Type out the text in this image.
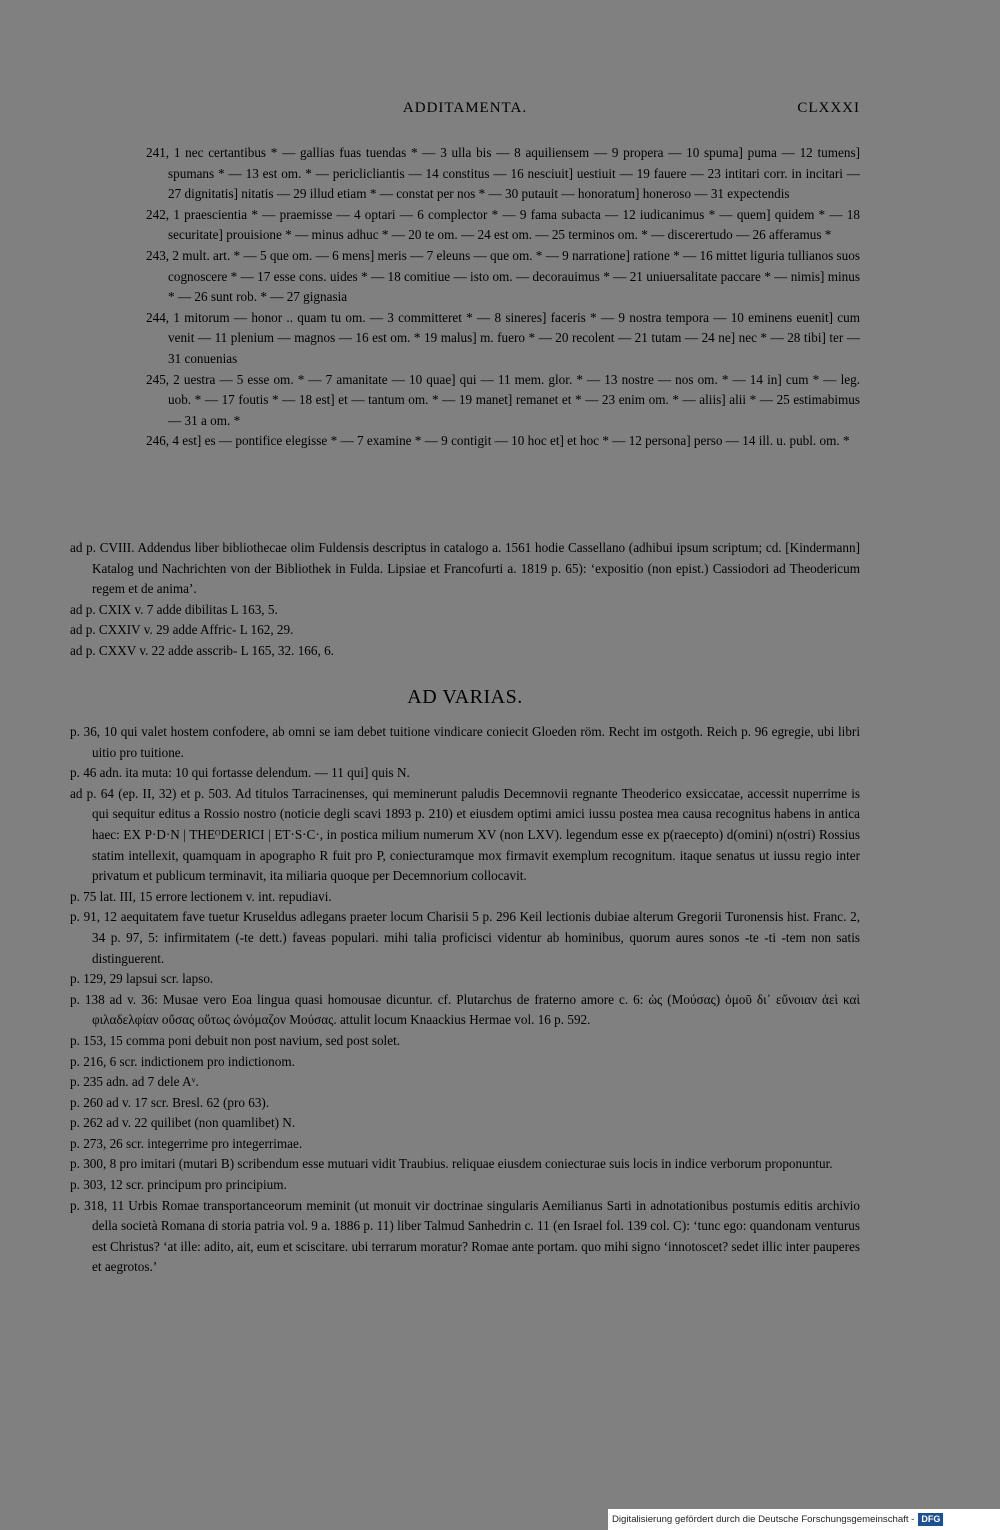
ADDITAMENTA.	CLXXXI

241, 1 nec certantibus * — gallias fuas tuendas * — 3 ulla bis — 8 aquiliensem — 9 propera — 10 spuma] puma — 12 tumens] spumans * — 13 est om. * — periclicliantis — 14 constitus — 16 nesciuit] uestiuit — 19 fauere — 23 intitari corr. in incitari — 27 dignitatis] nitatis — 29 illud etiam * — constat per nos * — 30 putauit — honoratum] honeroso — 31 expectendis

242, 1 praescientia * — praemisse — 4 optari — 6 complector * — 9 fama subacta — 12 iudicanimus * — quem] quidem * — 18 securitate] prouisione * — minus adhuc * — 20 te om. — 24 est om. — 25 terminos om. * — discerertudo — 26 afferamus *

243, 2 mult. art. * — 5 que om. — 6 mens] meris — 7 eleuns — que om. * — 9 narratione] ratione * — 16 mittet liguria tullianos suos cognoscere * — 17 esse cons. uides * — 18 comitiue — isto om. — decorauimus * — 21 uniuersalitate paccare * — nimis] minus * — 26 sunt rob. * — 27 gignasia

244, 1 mitorum — honor .. quam tu om. — 3 committeret * — 8 sineres] faceris * — 9 nostra tempora — 10 eminens euenit] cum venit — 11 plenium — magnos — 16 est om. * 19 malus] m. fuero * — 20 recolent — 21 tutam — 24 ne] nec * — 28 tibi] ter — 31 conuenias

245, 2 uestra — 5 esse om. * — 7 amanitate — 10 quae] qui — 11 mem. glor. * — 13 nostre — nos om. * — 14 in] cum * — leg. uob. * — 17 foutis * — 18 est] et — tantum om. * — 19 manet] remanet et * — 23 enim om. * — aliis] alii * — 25 estimabimus — 31 a om. *

246, 4 est] es — pontifice elegisse * — 7 examine * — 9 contigit — 10 hoc et] et hoc * — 12 persona] perso — 14 ill. u. publ. om. *

ad p. CVIII. Addendus liber bibliothecae olim Fuldensis descriptus in catalogo a. 1561 hodie Cassellano (adhibui ipsum scriptum; cd. [Kindermann] Katalog und Nachrichten von der Bibliothek in Fulda. Lipsiae et Francofurti a. 1819 p. 65): ‘expositio (non epist.) Cassiodori ad Theodericum regem et de anima’.

ad p. CXIX v. 7 adde dibilitas L 163, 5.

ad p. CXXIV v. 29 adde Affric- L 162, 29.

ad p. CXXV v. 22 adde asscrib- L 165, 32. 166, 6.

AD VARIAS.

p. 36, 10 qui valet hostem confodere, ab omni se iam debet tuitione vindicare coniecit Gloeden röm. Recht im ostgoth. Reich p. 96 egregie, ubi libri uitio pro tuitione.

p. 46 adn. ita muta: 10 qui fortasse delendum. — 11 qui] quis N.

ad p. 64 (ep. II, 32) et p. 503. Ad titulos Tarracinenses, qui meminerunt paludis Decemnovii regnante Theoderico exsiccatae, accessit nuperrime is qui sequitur editus a Rossio nostro (noticie degli scavi 1893 p. 210) et eiusdem optimi amici iussu postea mea causa recognitus habens in antica haec: EX P·D·N | THEᴼDERICI | ET·S·C·, in postica milium numerum XV (non LXV). legendum esse ex p(raecepto) d(omini) n(ostri) Rossius statim intellexit, quamquam in apographo R fuit pro P, coniecturamque mox firmavit exemplum recognitum. itaque senatus ut iussu regio inter privatum et publicum terminavit, ita miliaria quoque per Decemnorium collocavit.

p. 75 lat. III, 15 errore lectionem v. int. repudiavi.

p. 91, 12 aequitatem fave tuetur Kruseldus adlegans praeter locum Charisii 5 p. 296 Keil lectionis dubiae alterum Gregorii Turonensis hist. Franc. 2, 34 p. 97, 5: infirmitatem (-te dett.) faveas populari. mihi talia proficisci videntur ab hominibus, quorum aures sonos -te -ti -tem non satis distinguerent.

p. 129, 29 lapsui scr. lapso.

p. 138 ad v. 36: Musae vero Eoa lingua quasi homousae dicuntur. cf. Plutarchus de fraterno amore c. 6: ὡς (Μούσας) ὁμοῦ δι᾽ εὔνοιαν ἀεὶ καὶ φιλαδελφίαν οὔσας οὕτως ὠνόμαζον Μούσας. attulit locum Knaackius Hermae vol. 16 p. 592.

p. 153, 15 comma poni debuit non post navium, sed post solet.

p. 216, 6 scr. indictionem pro indictionom.

p. 235 adn. ad 7 dele Aᵛ.

p. 260 ad v. 17 scr. Bresl. 62 (pro 63).

p. 262 ad v. 22 quilibet (non quamlibet) N.

p. 273, 26 scr. integerrime pro integerrimae.

p. 300, 8 pro imitari (mutari B) scribendum esse mutuari vidit Traubius. reliquae eiusdem coniecturae suis locis in indice verborum proponuntur.

p. 303, 12 scr. principum pro principium.

p. 318, 11 Urbis Romae transportanceorum meminit (ut monuit vir doctrinae singularis Aemilianus Sarti in adnotationibus postumis editis archivio della società Romana di storia patria vol. 9 a. 1886 p. 11) liber Talmud Sanhedrin c. 11 (en Israel fol. 139 col. C): ‘tunc ego: quandonam venturus est Christus? ‘at ille: adito, ait, eum et sciscitare. ubi terrarum moratur? Romae ante portam. quo mihi signo ‘innotoscet? sedet illic inter pauperes et aegrotos.’

Digitalisierung gefördert durch die Deutsche Forschungsgemeinschaft - DFG
